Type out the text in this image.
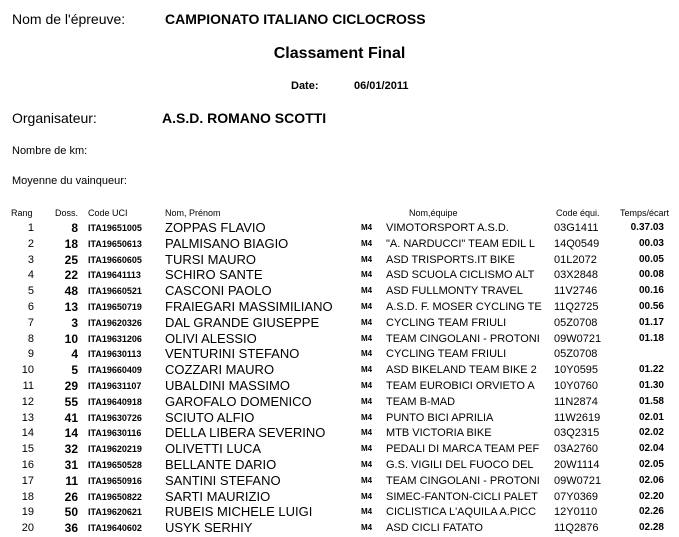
Nom de l'épreuve:	CAMPIONATO ITALIANO CICLOCROSS
Classament Final
Date:	06/01/2011
Organisateur:	A.S.D. ROMANO SCOTTI
Nombre de km:
Moyenne du vainqueur:
Rang Doss. Code UCI	Nom, Prénom	Nom,équipe	Code équi. Temps/écart
1	8 ITA19651005 ZOPPAS FLAVIO	M4 VIMOTORSPORT A.S.D.	03G1411	0.37.03
2	18 ITA19650613 PALMISANO BIAGIO	M4 "A. NARDUCCI" TEAM EDIL L	14Q0549	00.03
3	25 ITA19660605 TURSI MAURO	M4 ASD TRISPORTS.IT BIKE	01L2072	00.05
4	22 ITA19641113 SCHIRO SANTE	M4 ASD SCUOLA CICLISMO ALT	03X2848	00.08
5	48 ITA19660521 CASCONI PAOLO	M4 ASD FULLMONTY TRAVEL	11V2746	00.16
6	13 ITA19650719 FRAIEGARI MASSIMILIANO	M4 A.S.D. F. MOSER CYCLING TE	11Q2725	00.56
7	3 ITA19620326 DAL GRANDE GIUSEPPE	M4 CYCLING TEAM FRIULI	05Z0708	01.17
8	10 ITA19631206 OLIVI ALESSIO	M4 TEAM CINGOLANI - PROTONI	09W0721	01.18
9	4 ITA19630113 VENTURINI STEFANO	M4 CYCLING TEAM FRIULI	05Z0708
10	5 ITA19660409 COZZARI MAURO	M4 ASD BIKELAND TEAM BIKE 2	10Y0595	01.22
11	29 ITA19631107 UBALDINI MASSIMO	M4 TEAM EUROBICI ORVIETO A	10Y0760	01.30
12	55 ITA19640918 GAROFALO DOMENICO	M4 TEAM B-MAD	11N2874	01.58
13	41 ITA19630726 SCIUTO ALFIO	M4 PUNTO BICI APRILIA	11W2619	02.01
14	14 ITA19630116 DELLA LIBERA SEVERINO	M4 MTB VICTORIA BIKE	03Q2315	02.02
15	32 ITA19620219 OLIVETTI LUCA	M4 PEDALI DI MARCA TEAM PEF	03A2760	02.04
16	31 ITA19650528 BELLANTE DARIO	M4 G.S. VIGILI DEL FUOCO DEL	20W1114	02.05
17	11 ITA19650916 SANTINI STEFANO	M4 TEAM CINGOLANI - PROTONI	09W0721	02.06
18	26 ITA19650822 SARTI MAURIZIO	M4 SIMEC-FANTON-CICLI PALET	07Y0369	02.20
19	50 ITA19620621 RUBEIS MICHELE LUIGI	M4 CICLISTICA L'AQUILA A.PICC	12Y0110	02.26
20	36 ITA19640602 USYK SERHIY	M4 ASD CICLI FATATO	11Q2876	02.28
